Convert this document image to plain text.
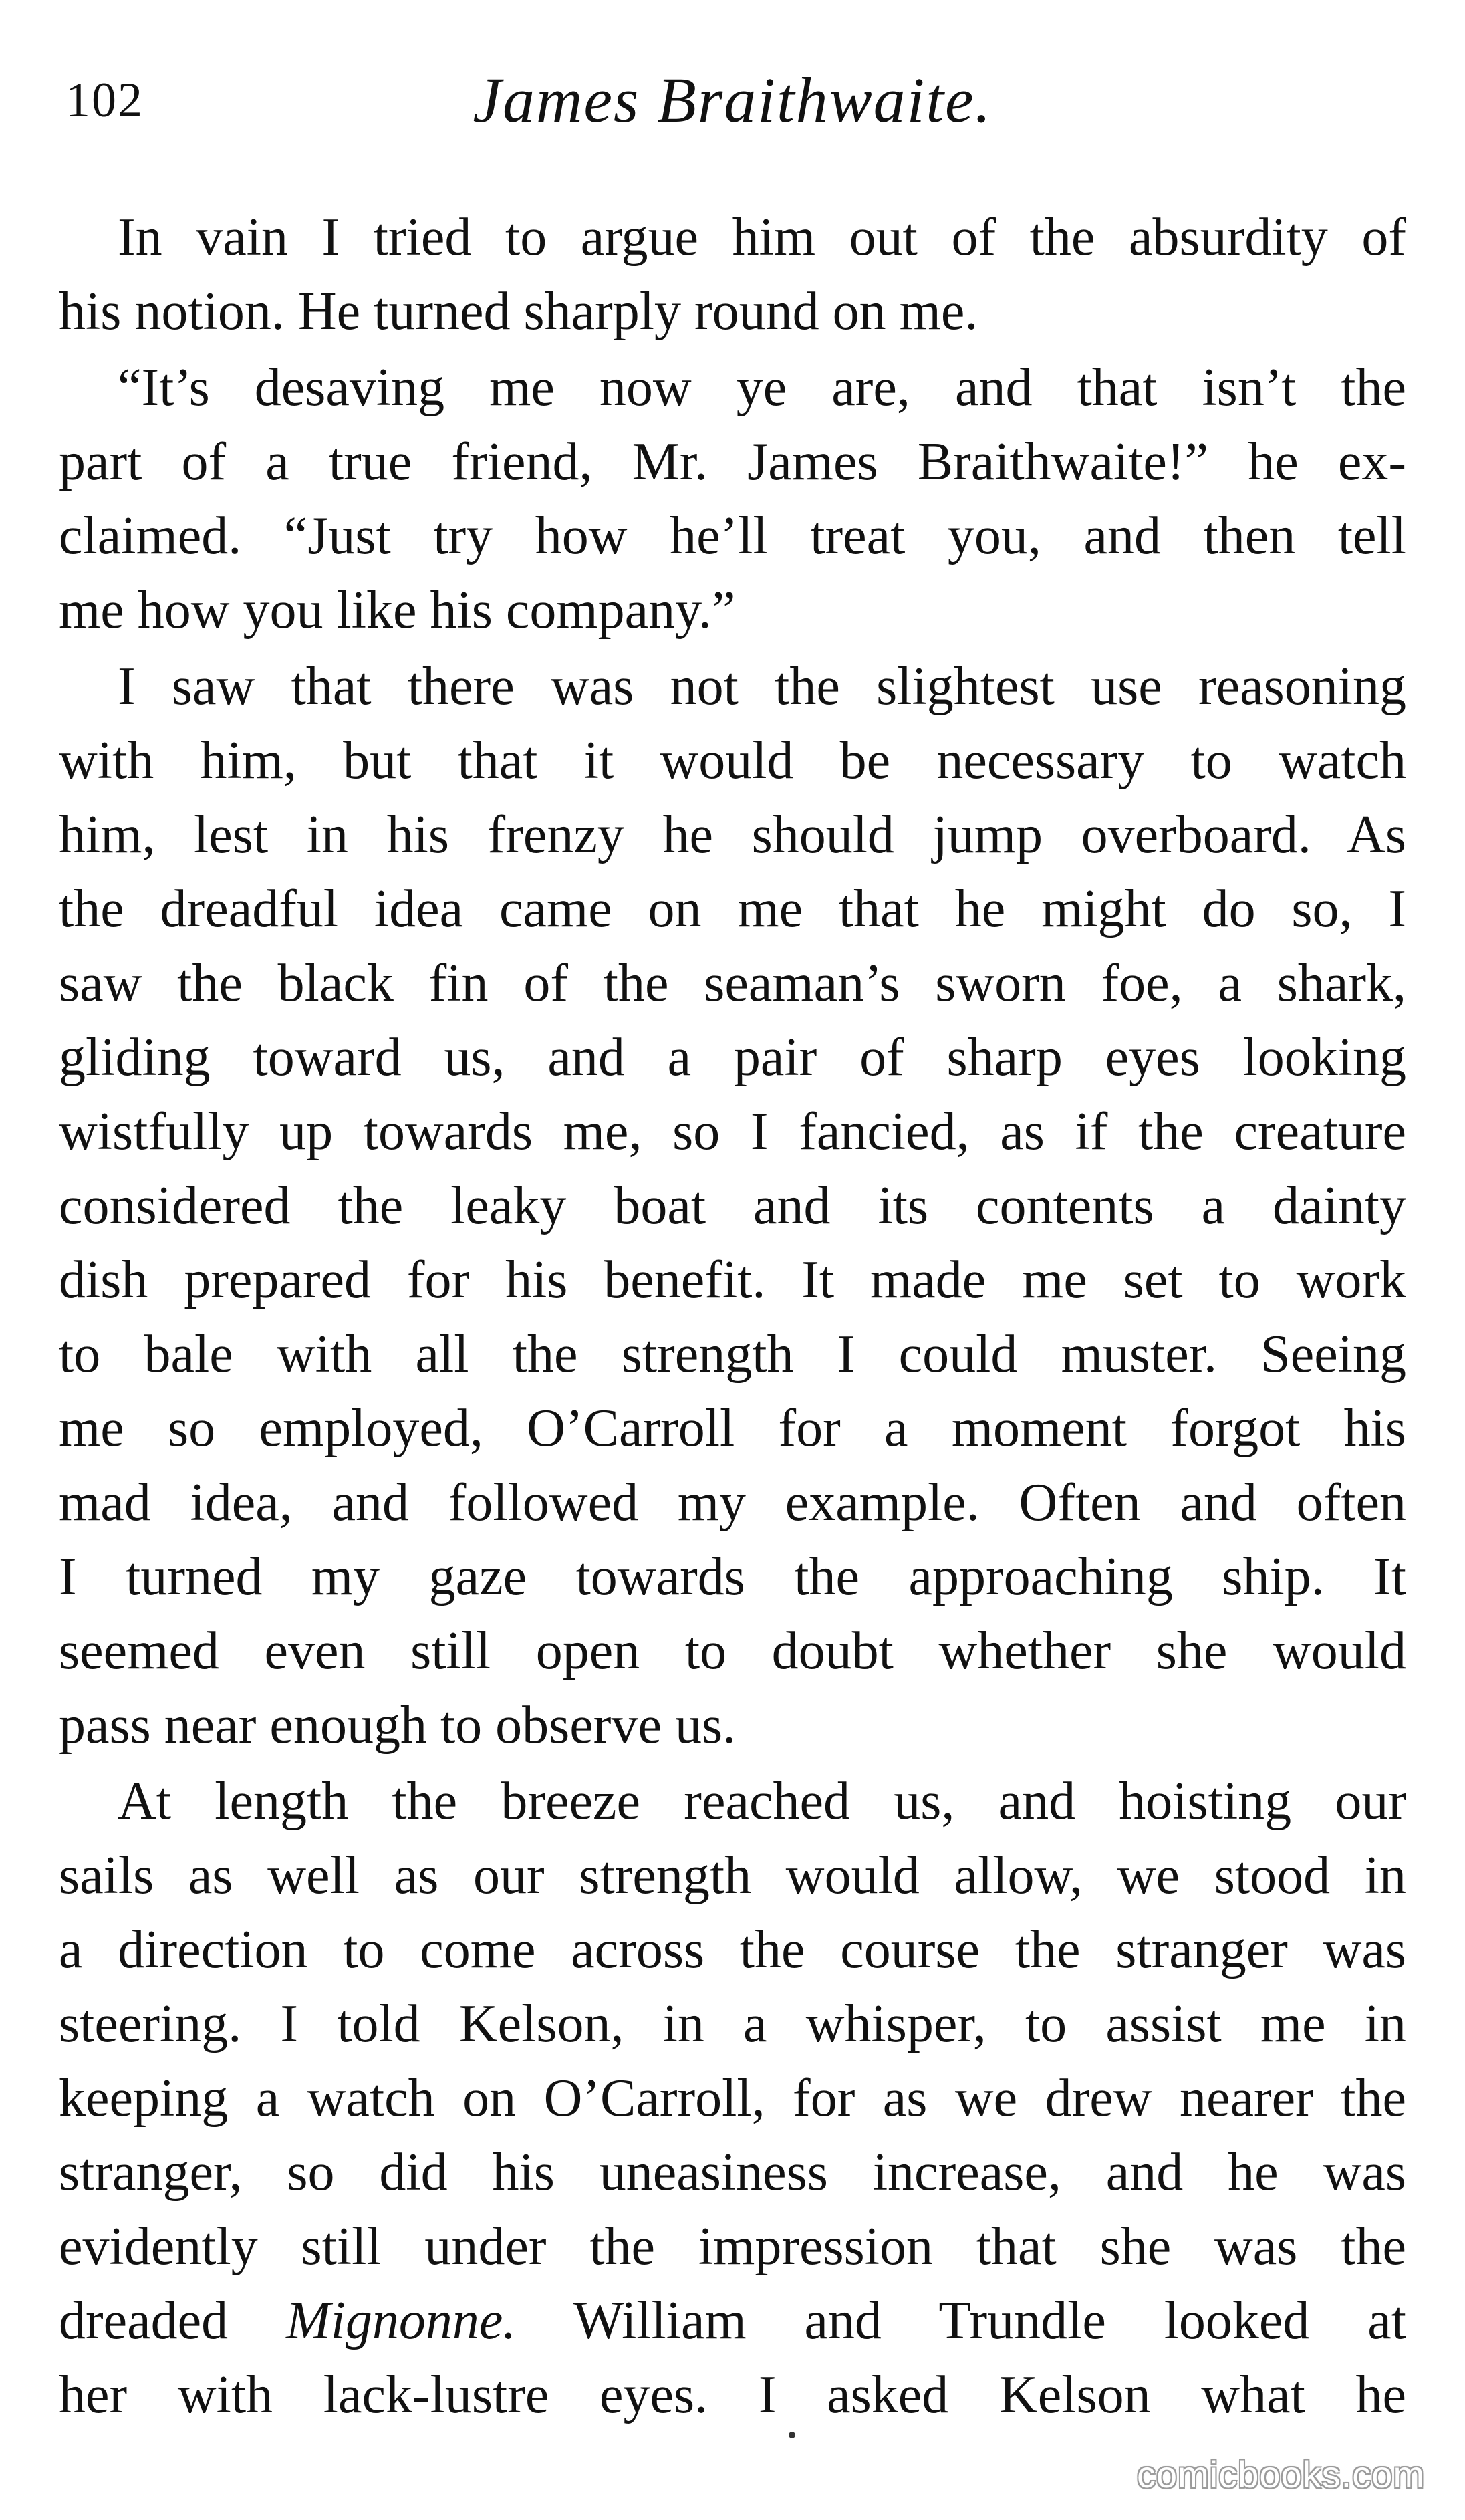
102	James Braithwaite.

In vain I tried to argue him out of the absurdity of
his notion. He turned sharply round on me.

“It’s desaving me now ye are, and that isn’t the
part of a true friend, Mr. James Braithwaite!” he ex-
claimed. “Just try how he’ll treat you, and then tell
me how you like his company.”

I saw that there was not the slightest use reasoning
with him, but that it would be necessary to watch
him, lest in his frenzy he should jump overboard. As
the dreadful idea came on me that he might do so, I
saw the black fin of the seaman’s sworn foe, a shark,
gliding toward us, and a pair of sharp eyes looking
wistfully up towards me, so I fancied, as if the creature
considered the leaky boat and its contents a dainty
dish prepared for his benefit. It made me set to work
to bale with all the strength I could muster. Seeing
me so employed, O’Carroll for a moment forgot his
mad idea, and followed my example. Often and often
I turned my gaze towards the approaching ship. It
seemed even still open to doubt whether she would
pass near enough to observe us.

At length the breeze reached us, and hoisting our
sails as well as our strength would allow, we stood in
a direction to come across the course the stranger was
steering. I told Kelson, in a whisper, to assist me in
keeping a watch on O’Carroll, for as we drew nearer the
stranger, so did his uneasiness increase, and he was
evidently still under the impression that she was the
dreaded Mignonne. William and Trundle looked at
her with lack-lustre eyes. I asked Kelson what he

comicbooks.com
